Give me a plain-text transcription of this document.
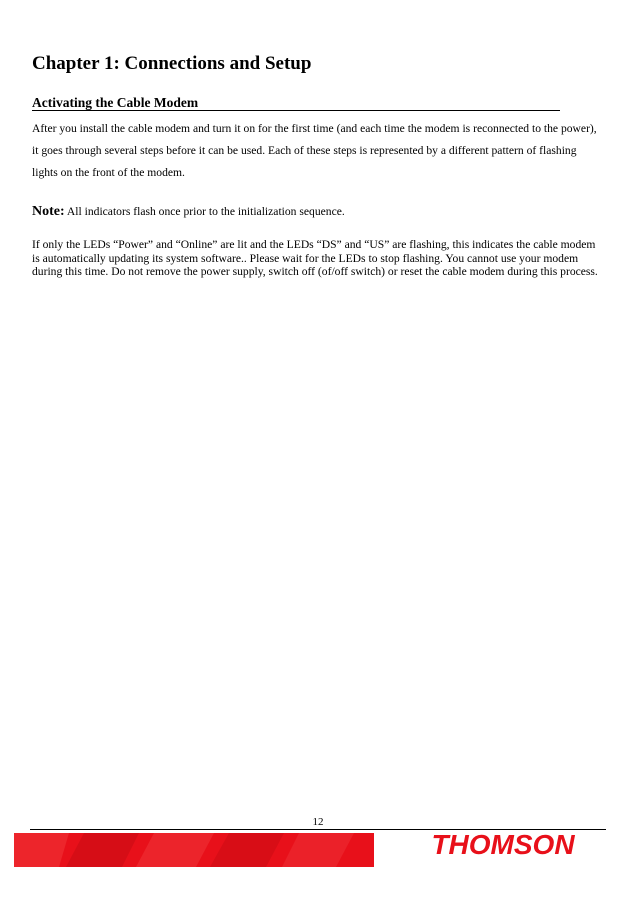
Chapter 1: Connections and Setup
Activating the Cable Modem

After you install the cable modem and turn it on for the first time (and each time the modem is reconnected to the power), it goes through several steps before it can be used. Each of these steps is represented by a different pattern of flashing lights on the front of the modem.

Note: All indicators flash once prior to the initialization sequence.

If only the LEDs “Power” and “Online” are lit and the LEDs “DS” and “US” are flashing, this indicates the cable modem is automatically updating its system software.. Please wait for the LEDs to stop flashing. You cannot use your modem during this time. Do not remove the power supply, switch off (of/off switch) or reset the cable modem during this process.

12
THOMSON
